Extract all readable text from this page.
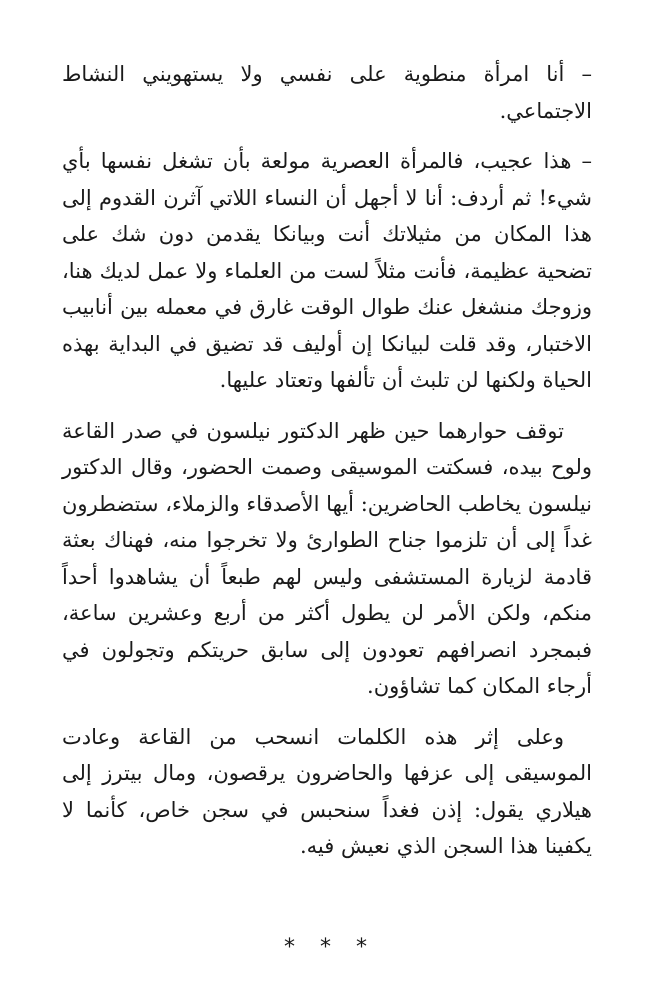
– أنا امرأة منطوية على نفسي ولا يستهويني النشاط الاجتماعي.

– هذا عجيب، فالمرأة العصرية مولعة بأن تشغل نفسها بأي شيء! ثم أردف: أنا لا أجهل أن النساء اللاتي آثرن القدوم إلى هذا المكان من مثيلاتك أنت وبيانكا يقدمن دون شك على تضحية عظيمة، فأنت مثلاً لست من العلماء ولا عمل لديك هنا، وزوجك منشغل عنك طوال الوقت غارق في معمله بين أنابيب الاختبار، وقد قلت لبيانكا إن أوليف قد تضيق في البداية بهذه الحياة ولكنها لن تلبث أن تألفها وتعتاد عليها.

توقف حوارهما حين ظهر الدكتور نيلسون في صدر القاعة ولوح بيده، فسكتت الموسيقى وصمت الحضور، وقال الدكتور نيلسون يخاطب الحاضرين: أيها الأصدقاء والزملاء، ستضطرون غداً إلى أن تلزموا جناح الطوارئ ولا تخرجوا منه، فهناك بعثة قادمة لزيارة المستشفى وليس لهم طبعاً أن يشاهدوا أحداً منكم، ولكن الأمر لن يطول أكثر من أربع وعشرين ساعة، فبمجرد انصرافهم تعودون إلى سابق حريتكم وتجولون في أرجاء المكان كما تشاؤون.

وعلى إثر هذه الكلمات انسحب من القاعة وعادت الموسيقى إلى عزفها والحاضرون يرقصون، ومال بيترز إلى هيلاري يقول: إذن فغداً سنحبس في سجن خاص، كأنما لا يكفينا هذا السجن الذي نعيش فيه.

* * *
